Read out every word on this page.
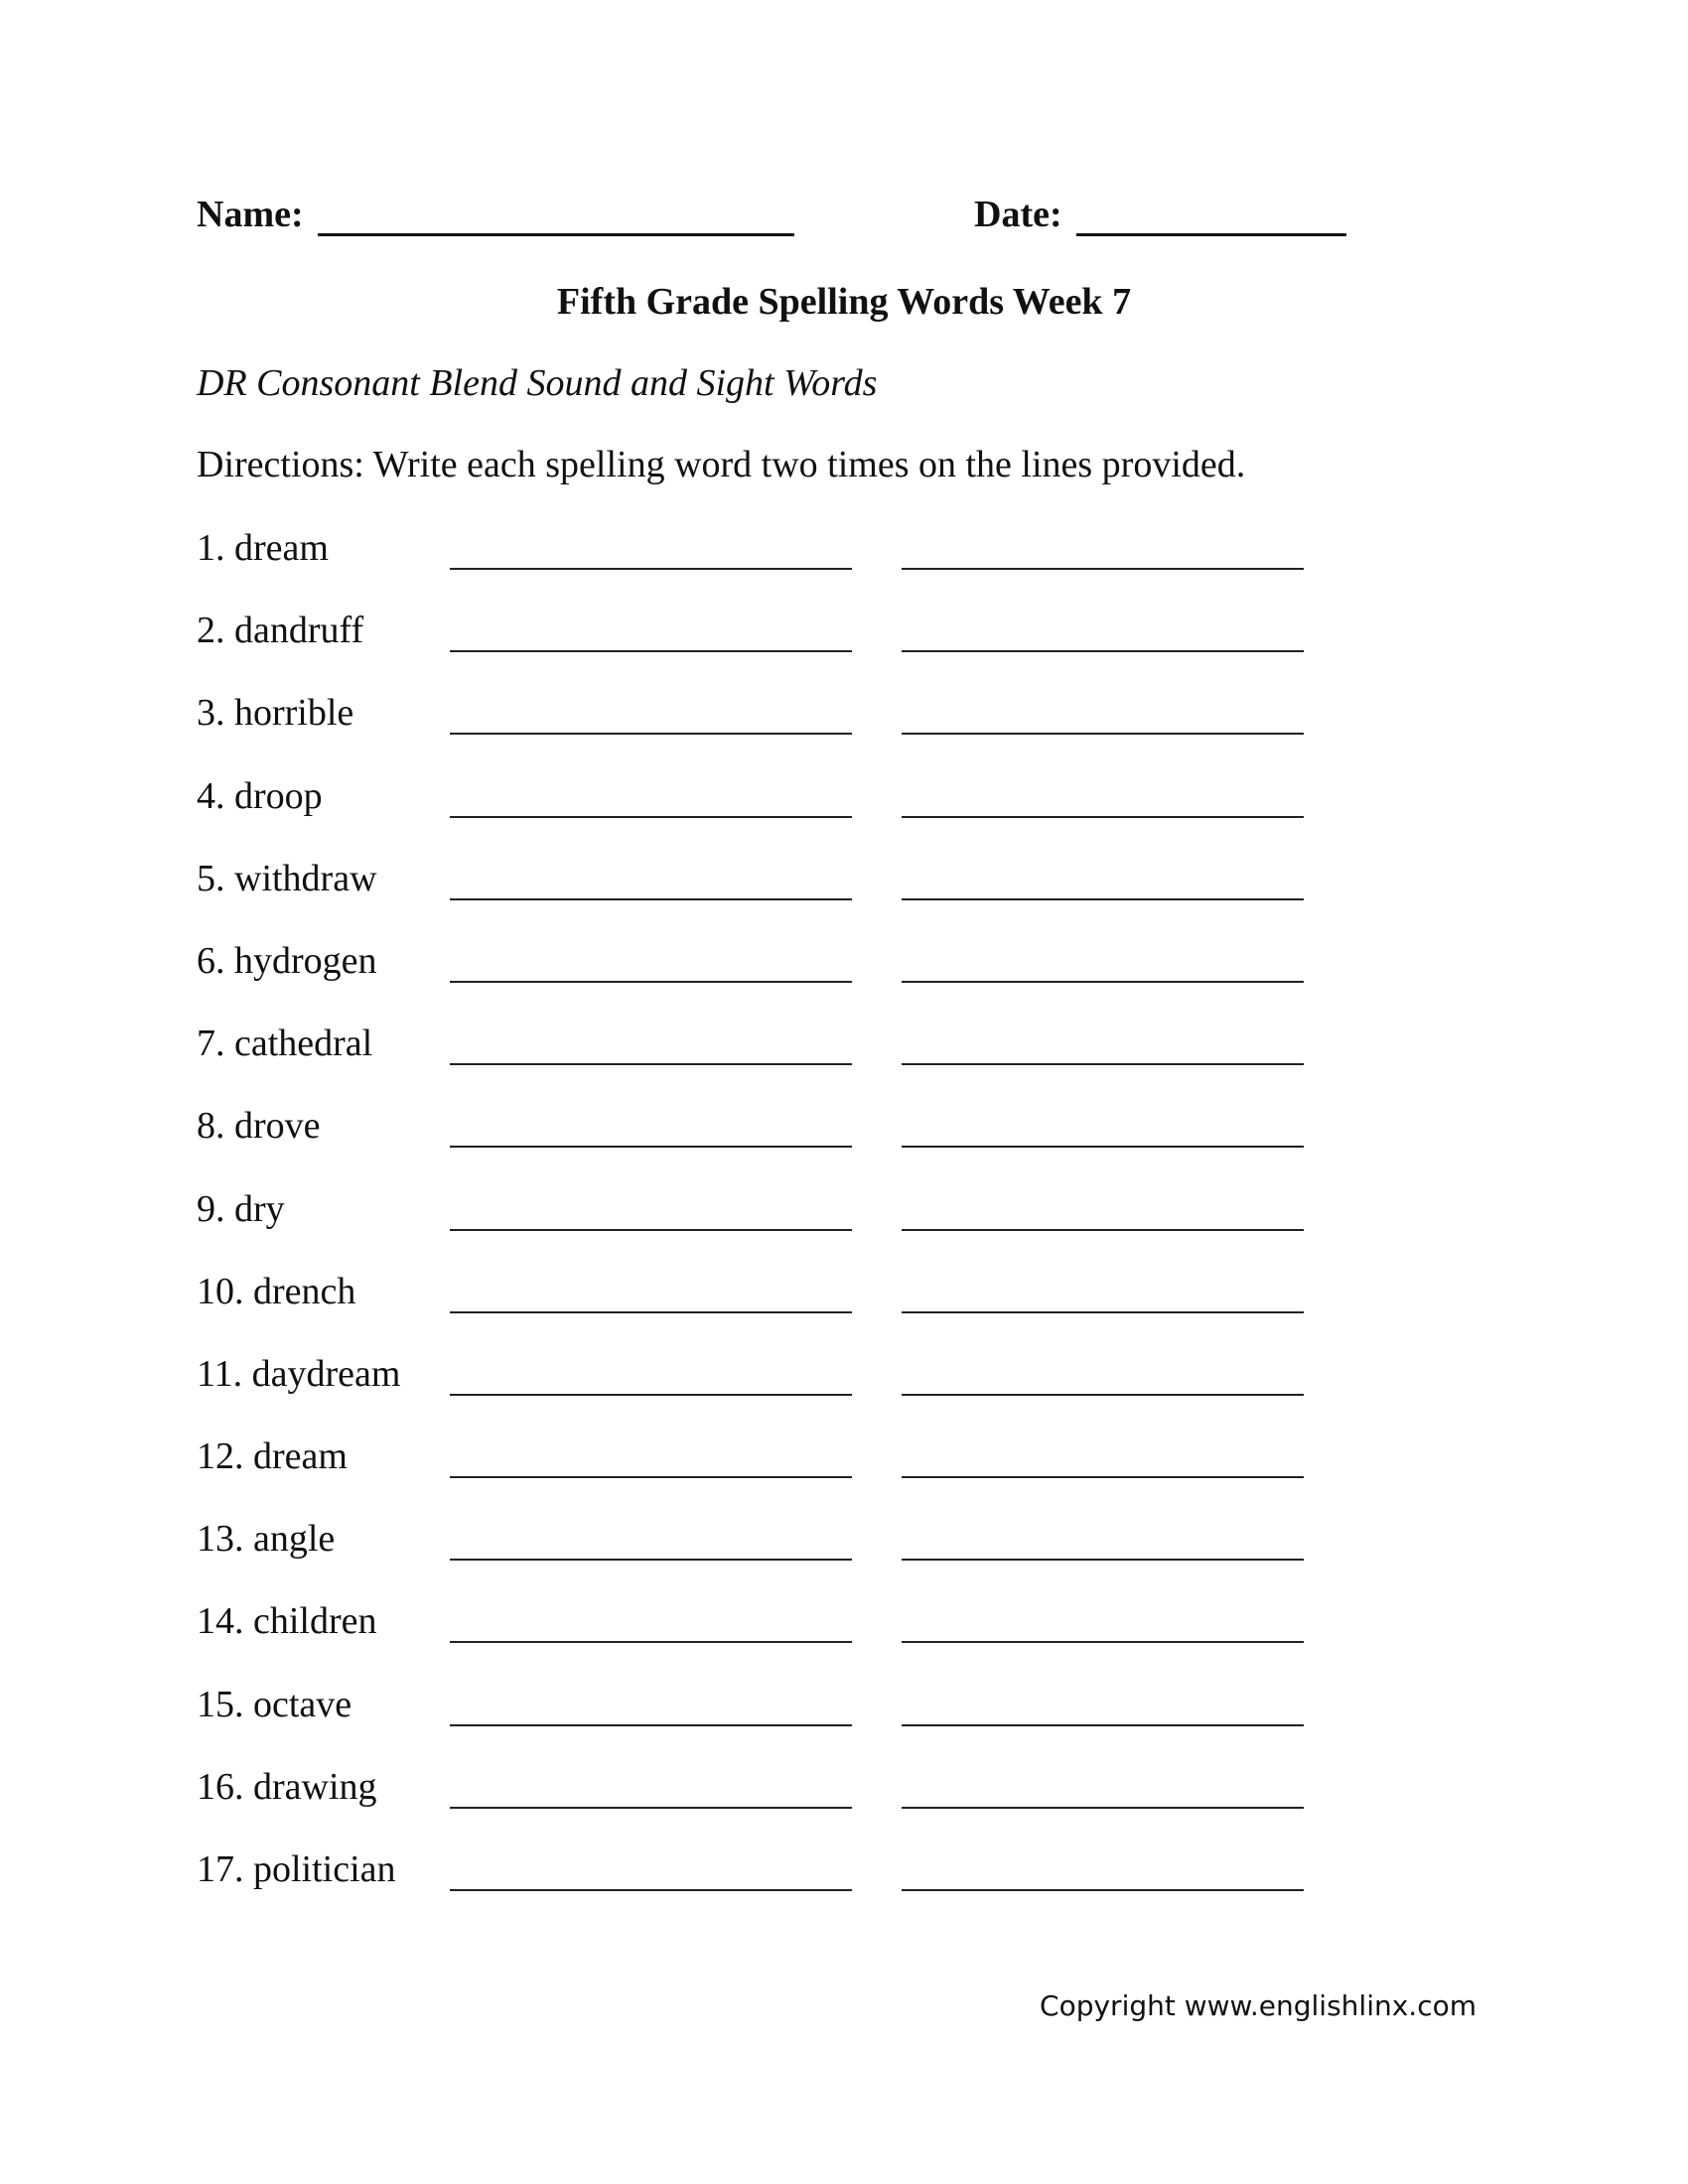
Name:	Date:
Fifth Grade Spelling Words Week 7
DR Consonant Blend Sound and Sight Words
Directions: Write each spelling word two times on the lines provided.
1. dream
2. dandruff
3. horrible
4. droop
5. withdraw
6. hydrogen
7. cathedral
8. drove
9. dry
10. drench
11. daydream
12. dream
13. angle
14. children
15. octave
16. drawing
17. politician
Copyright www.englishlinx.com
